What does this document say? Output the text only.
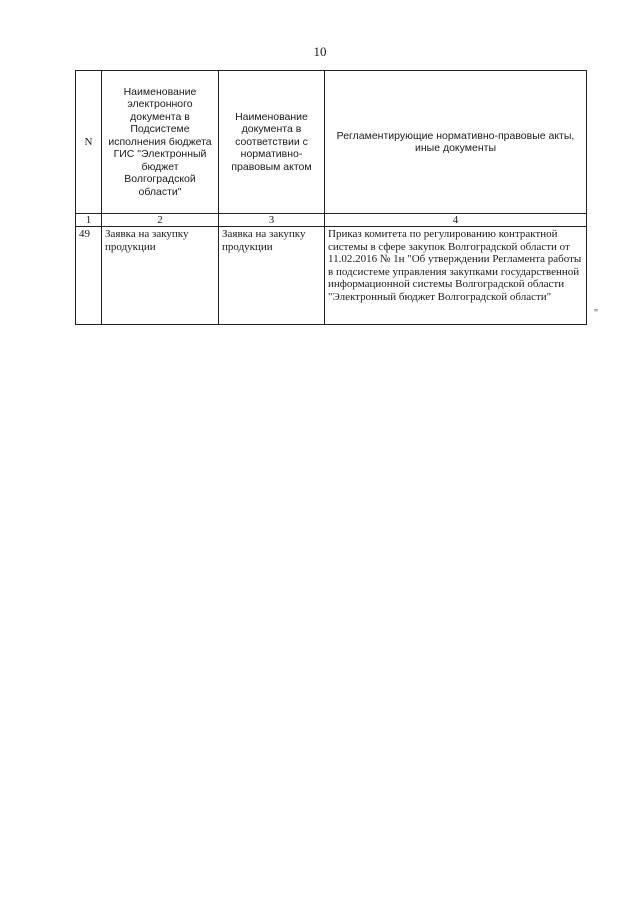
10
N	Наименование электронного документа в Подсистеме исполнения бюджета ГИС "Электронный бюджет Волгоградской области"	Наименование документа в соответствии с нормативно-правовым актом	Регламентирующие нормативно-правовые акты, иные документы
1	2	3	4
49	Заявка на закупку продукции	Заявка на закупку продукции	Приказ комитета по регулированию контрактной системы в сфере закупок Волгоградской области от 11.02.2016 № 1н "Об утверждении Регламента работы в подсистеме управления закупками государственной информационной системы Волгоградской области "Электронный бюджет Волгоградской области"
"
